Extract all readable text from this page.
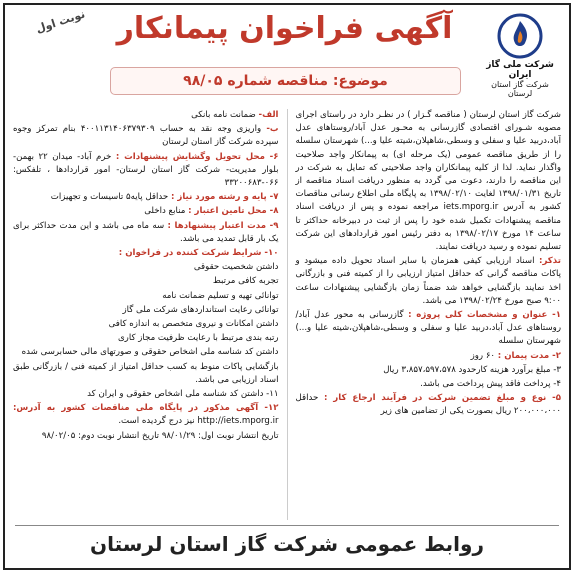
شرکت ملی گاز ایران
شرکت گاز استان لرستان
آگهی فراخوان پیمانکار
نوبت اول
موضوع: مناقصه شماره ۹۸/۰۵

شرکت گاز استان لرستان ( مناقصه گـزار ) در نظـر دارد در راستای اجرای مصوبه شـورای اقتصادی گازرسانی به محـور عدل آباد/روستاهای عدل آباد،دربید علیا و سفلی و وسطی،شاهپلان،شیته علیا و...) شهرستان سلسله را از طریق مناقصه عمومی (یک مرحله ای) به پیمانکار واجد صلاحیت واگذار نماید. لذا از کلیه پیمانکاران واجد صلاحیتی که تمایل به شرکت در این مناقصه را دارند، دعوت می گردد به منظور دریافت اسناد مناقصه از تاریخ ۱۳۹۸/۰۱/۳۱ لغایت ۱۳۹۸/۰۲/۱۰ به پایگاه ملی اطلاع رسانی مناقصات کشور به آدرس iets.mporg.ir مراجعه نموده و پس از دریافت اسناد مناقصه پیشنهادات تکمیل شده خود را پس از ثبت در دبیرخانه حداکثر تا ساعت ۱۴ مورخ ۱۳۹۸/۰۲/۱۷ به دفتر رئیس امور قراردادهای این شرکت تسلیم نموده و رسید دریافت نمایند.

تذکر: اسناد ارزیابی کیفی همزمان با سایر اسناد تحویل داده میشود و پاکات مناقصه گرانی که حداقل امتیاز ارزیابی را از کمیته فنی و بازرگانی اخذ نمایند بازگشایی خواهد شد ضمناً زمان بازگشایی پیشنهادات ساعت ۹:۰۰ صبح مورخ ۱۳۹۸/۰۲/۲۴ می باشد.

۱- عنوان و مشخصات کلی پروژه : گازرسانی به محور عدل آباد/روستاهای عدل آباد،دربید علیا و سفلی و وسطی،شاهپلان،شیته علیا و...) شهرستان سلسله

۲- مدت پیمان : ۶۰ روز

۳- مبلغ برآورد هزینه کارحدود ۳،۸۵۷،۵۹۷،۵۷۸ ریال

۴- پرداخت فاقد پیش پرداخت می باشد.

۵- نوع و مبلغ تضمین شرکت در فرآیند ارجاع کار : حداقل ۲۰۰،۰۰۰،۰۰۰ ریال بصورت یکی از تضامین های زیر

الف- ضمانت نامه بانکی

ب- واریزی وجه نقد به حساب ۴۰۰۱۱۳۱۴۰۶۳۷۹۳۰۹ بنام تمرکز وجوه سپرده شرکت گاز استان لرستان

۶- محل تحویل وگشایش پیشنهادات : خرم آباد- میدان ۲۲ بهمن- بلوار مدیریت- شرکت گاز استان لرستان- امور قراردادها ، تلفکس: ۰۶۶-۳۳۲۰۰۶۸۳

۷- پایه و رشته مورد نیاز : حداقل پایه۵ تاسیسات و تجهیزات

۸- محل تامین اعتبار : منابع داخلی

۹- مدت اعتبار پیشنهادها : سه ماه می باشد و این مدت حداکثر برای یک بار قابل تمدید می باشد.

۱۰- شرایط شرکت کننده در فراخوان :

داشتن شخصیت حقوقی

تجربه کافی مرتبط

توانائی تهیه و تسلیم ضمانت نامه

توانائی رعایت استانداردهای شرکت ملی گاز

داشتن امکانات و نیروی متخصص به اندازه کافی

رتبه بندی مرتبط با رعایت ظرفیت مجاز کاری

داشتن کد شناسه ملی اشخاص حقوقی و صورتهای مالی حسابرسی شده

بازگشایی پاکات منوط به کسب حداقل امتیاز از کمیته فنی / بازرگانی طبق اسناد ارزیابی می باشد.

۱۱- داشتن کد شناسه ملی اشخاص حقوقی و ایران کد

۱۲- آگهی مذکور در پایگاه ملی مناقصات کشور به آدرس: http://iets.mporg.ir نیز درج گردیده است.

تاریخ انتشار نوبت اول: ۹۸/۰۱/۲۹ تاریخ انتشار نوبت دوم: ۹۸/۰۲/۰۵

روابط عمومی شرکت گاز استان لرستان
